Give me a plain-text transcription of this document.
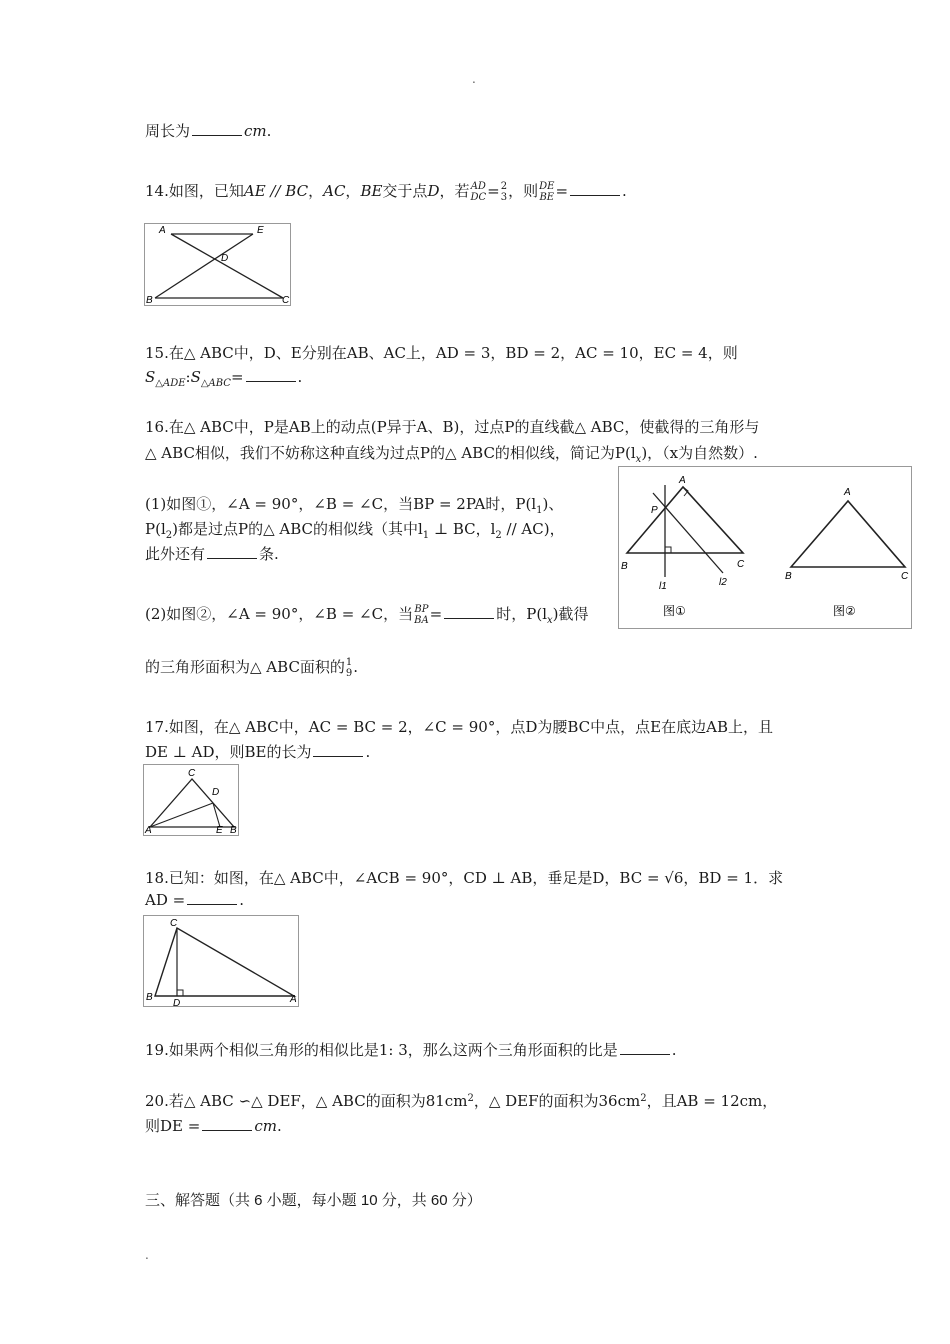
.
周长为	cm.
14.如图，已知AE // BC，AC，BE交于点D，若 AD
DC = 2
3 ，则 DE
BE =	.
A	E
D
B	C
15.在△ ABC中，D、E分别在AB、AC上，AD = 3，BD = 2，AC = 10，EC = 4，则
$S_{\triangle ADE}:S_{\triangle ABC}=$	.
16.在△ ABC中，P是AB上的动点(P异于A、B)，过点P的直线截△ ABC，使截得的三角形与
△ ABC相似，我们不妨称这种直线为过点P的△ ABC的相似线，简记为$P(l_x)$，（x为自然数）.
(1)如图①，∠A = 90°，∠B = ∠C，当BP = 2PA时，$P(l_1)$、
$P(l_2)$都是过点P的△ ABC的相似线（其中$l_1$ ⊥ BC，$l_2 // AC$)，
此外还有	条.
(2)如图②，∠A = 90°，∠B = ∠C，当 BP
BA =	时，$P(l_x)$截得
的三角形面积为△ ABC面积的 1
9 .
A
P
B	C
l1	l2
图①
A
B	C
图②
17.如图，在△ ABC中，AC = BC = 2，∠C = 90°，点D为腰BC中点，点E在底边AB上，且
DE ⊥ AD，则BE的长为	.
C
D
A	E B
18.已知：如图，在△ ABC中，∠ACB = 90°，CD ⊥ AB，垂足是D，BC = √6，BD = 1．求
AD =	.
C
B
D	A
19.如果两个相似三角形的相似比是1: 3，那么这两个三角形面积的比是	.
20.若△ ABC ∽△ DEF，△ ABC的面积为$81cm^2$，△ DEF的面积为$36cm^2$，且AB = 12cm，
则DE =	cm.
三、解答题（共 6 小题，每小题 10 分，共 60 分）
.
